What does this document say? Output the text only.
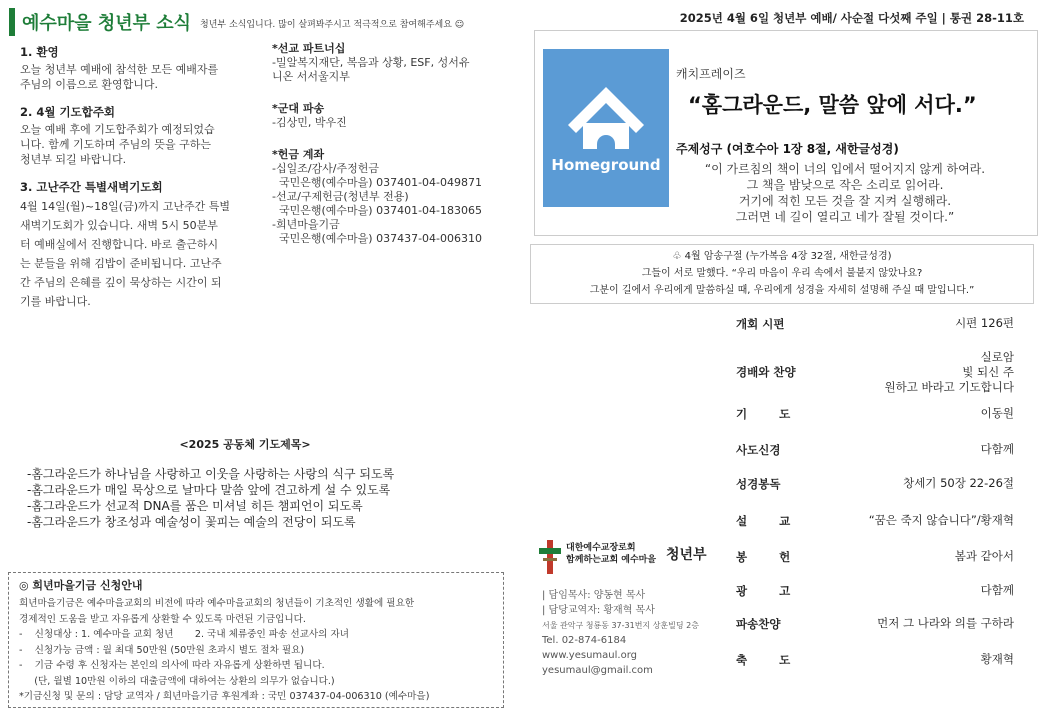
예수마을 청년부 소식 청년부 소식입니다. 많이 살펴봐주시고 적극적으로 참여해주세요 ☺	2025년 4월 6일 청년부 예배/ 사순절 다섯째 주일 | 통권 28-11호
1. 환영
오늘 청년부 예배에 참석한 모든 예배자를
주님의 이름으로 환영합니다.
2. 4월 기도합주회
오늘 예배 후에 기도합주회가 예정되었습
니다. 함께 기도하며 주님의 뜻을 구하는
청년부 되길 바랍니다.
3. 고난주간 특별새벽기도회
4월 14일(월)~18일(금)까지 고난주간 특별
새벽기도회가 있습니다. 새벽 5시 50분부
터 예배실에서 진행합니다. 바로 출근하시
는 분들을 위해 김밥이 준비됩니다. 고난주
간 주님의 은혜를 깊이 묵상하는 시간이 되
기를 바랍니다.
*선교 파트너십
-밀알복지재단, 복음과 상황, ESF, 성서유
니온 서서울지부
*군대 파송
-김상민, 박우진
*헌금 계좌
-십일조/감사/주정헌금
국민은행(예수마을) 037401-04-049871
-선교/구제헌금(청년부 전용)
국민은행(예수마을) 037401-04-183065
-희년마을기금
국민은행(예수마을) 037437-04-006310
Homeground
캐치프레이즈
“홈그라운드, 말씀 앞에 서다.”
주제성구 (여호수아 1장 8절, 새한글성경)
“이 가르침의 책이 너의 입에서 떨어지지 않게 하여라.
그 책을 밤낮으로 작은 소리로 읽어라.
거기에 적힌 모든 것을 잘 지켜 실행해라.
그러면 네 길이 열리고 네가 잘될 것이다.”
♧ 4월 암송구절 (누가복음 4장 32절, 새한글성경)
그들이 서로 말했다. “우리 마음이 우리 속에서 불붙지 않았나요?
그분이 길에서 우리에게 말씀하실 때, 우리에게 성경을 자세히 설명해 주실 때 말입니다.”
<2025 공동체 기도제목>
-홈그라운드가 하나님을 사랑하고 이웃을 사랑하는 사랑의 식구 되도록
-홈그라운드가 매일 묵상으로 날마다 말씀 앞에 견고하게 설 수 있도록
-홈그라운드가 선교적 DNA를 품은 미셔널 히든 챔피언이 되도록
-홈그라운드가 창조성과 예술성이 꽃피는 예술의 전당이 되도록
◎ 희년마을기금 신청안내
희년마을기금은 예수마을교회의 비전에 따라 예수마을교회의 청년들이 기초적인 생활에 필요한
경제적인 도움을 받고 자유롭게 상환할 수 있도록 마련된 기금입니다.
-    신청대상 : 1. 예수마을 교회 청년       2. 국내 체류중인 파송 선교사의 자녀
-    신청가능 금액 : 월 최대 50만원 (50만원 초과시 별도 절차 필요)
-    기금 수령 후 신청자는 본인의 의사에 따라 자유롭게 상환하면 됩니다.
(단, 월별 10만원 이하의 대출금액에 대하여는 상환의 의무가 없습니다.)
*기금신청 및 문의 : 담당 교역자 / 희년마을기금 후원계좌 : 국민 037437-04-006310 (예수마을)
대한예수교장로회
함께하는교회 예수마을 청년부
| 담임목사: 양동현 목사
| 담당교역자: 황재혁 목사
서울 관악구 청룡동 37-31번지 상훈빌딩 2층
Tel. 02-874-6184
www.yesumaul.org
yesumaul@gmail.com
개회 시편	시편 126편
경배와 찬양
실로암
빛 되신 주
원하고 바라고 기도합니다
기        도	이동원
사도신경	다함께
성경봉독	창세기 50장 22-26절
설        교	“꿈은 죽지 않습니다”/황재혁
봉        헌	봄과 같아서
광        고	다함께
파송찬양	먼저 그 나라와 의를 구하라
축        도	황재혁
